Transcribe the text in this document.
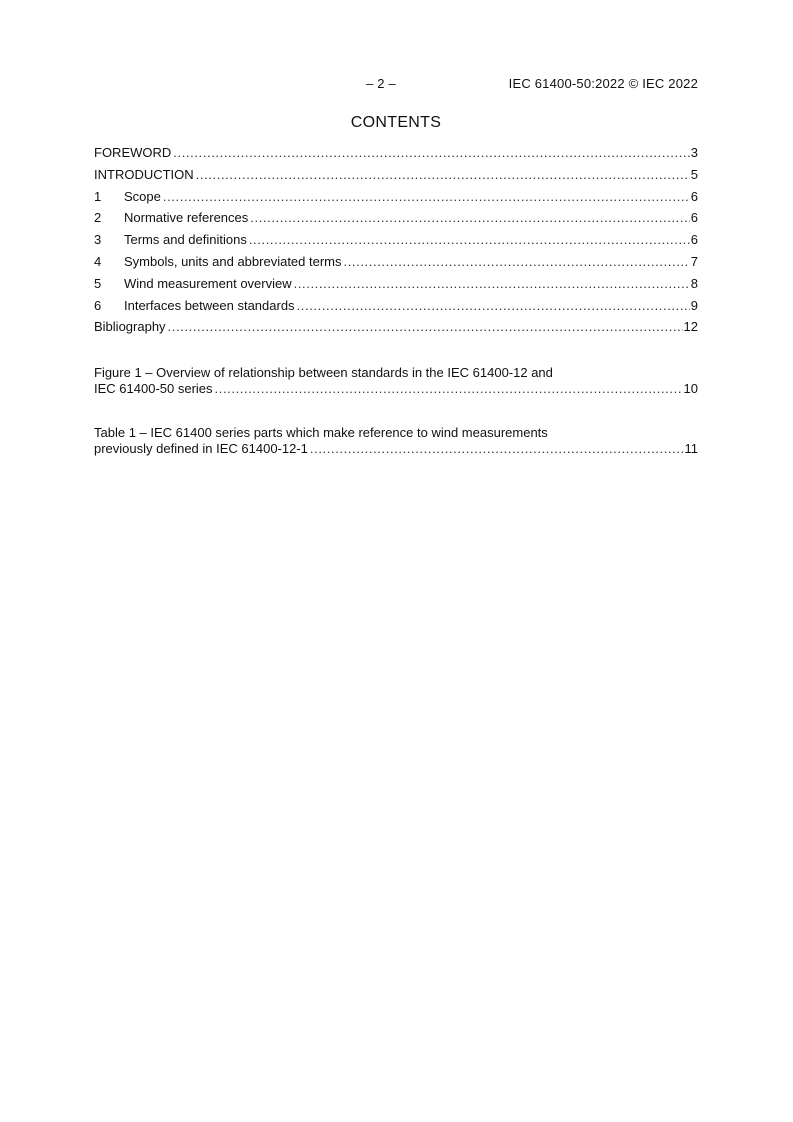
– 2 –	IEC 61400-50:2022 © IEC 2022
CONTENTS
FOREWORD .....	3
INTRODUCTION .....	5
1	Scope .....	6
2	Normative references .....	6
3	Terms and definitions .....	6
4	Symbols, units and abbreviated terms .....	7
5	Wind measurement overview .....	8
6	Interfaces between standards .....	9
Bibliography .....	12
Figure 1 – Overview of relationship between standards in the IEC 61400-12 and
IEC 61400-50 series .....	10
Table 1 – IEC 61400 series parts which make reference to wind measurements
previously defined in IEC 61400-12-1 .....	11
